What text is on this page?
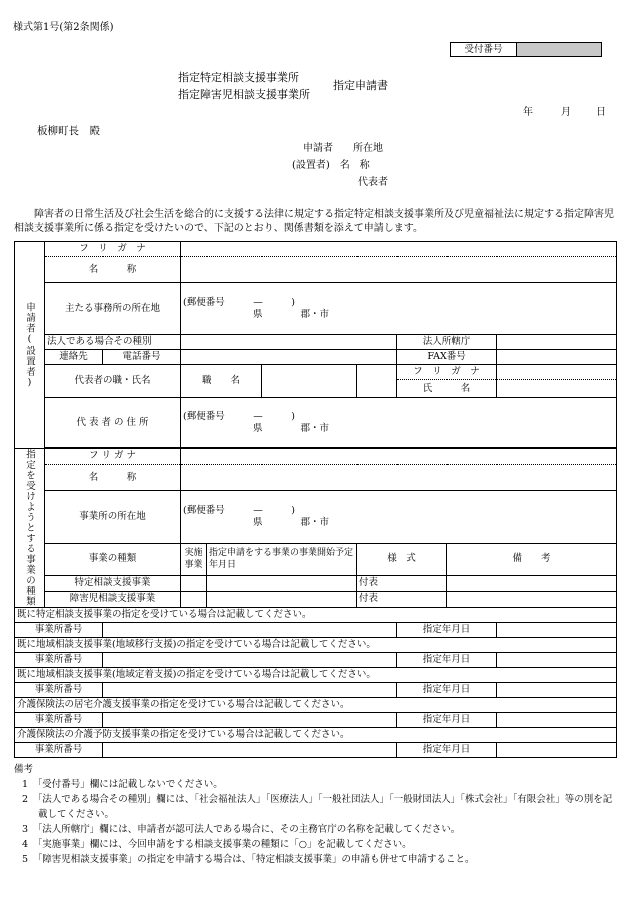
様式第1号(第2条関係)
受付番号
指定特定相談支援事業所
指定障害児相談支援事業所
指定申請書
年	月	日
板柳町長　殿
申請者　　所在地
(設置者)　名　称
代表者
障害者の日常生活及び社会生活を総合的に支援する法律に規定する指定特定相談支援事業所及び児童福祉法に規定する指定障害児相談支援事業所に係る指定を受けたいので、下記のとおり、関係書類を添えて申請します。
申請者(設置者)	フ　リ　ガ　ナ								
	名　　　称								
	主たる事務所の所在地		(郵便番号　　　—　　　)
県　　　　郡・市						

	法人である場合その種別						法人所轄庁		
	連絡先	電話番号					FAX番号		
	代表者の職・氏名		職　　名				フ　リ　ガ　ナ		
							氏　　　名		
	代 表 者 の 住 所		(郵便番号　　　—　　　)
県　　　　郡・市						

指定を受けようとする事業の種類	フ リ ガ ナ								
	名　　　称								
	事業所の所在地		(郵便番号　　　—　　　)
県　　　　郡・市						

	事業の種類		実施事業	指定申請をする事業の事業開始予定年月日		様　式		備　　考	
	特定相談支援事業					付表			
	障害児相談支援事業					付表			
既に特定相談支援事業の指定を受けている場合は記載してください。									
事業所番号							指定年月日		
既に地域相談支援事業(地域移行支援)の指定を受けている場合は記載してください。									
事業所番号							指定年月日		
既に地域相談支援事業(地域定着支援)の指定を受けている場合は記載してください。									
事業所番号							指定年月日		
介護保険法の居宅介護支援事業の指定を受けている場合は記載してください。									
事業所番号							指定年月日		
介護保険法の介護予防支援事業の指定を受けている場合は記載してください。									
事業所番号							指定年月日		
備考
1　「受付番号」欄には記載しないでください。
2　「法人である場合その種別」欄には、「社会福祉法人」「医療法人」「一般社団法人」「一般財団法人」「株式会社」「有限会社」等の別を記載してください。
3　「法人所轄庁」欄には、申請者が認可法人である場合に、その主務官庁の名称を記載してください。
4　「実施事業」欄には、今回申請をする相談支援事業の種類に「○」を記載してください。
5　「障害児相談支援事業」の指定を申請する場合は、「特定相談支援事業」の申請も併せて申請すること。
